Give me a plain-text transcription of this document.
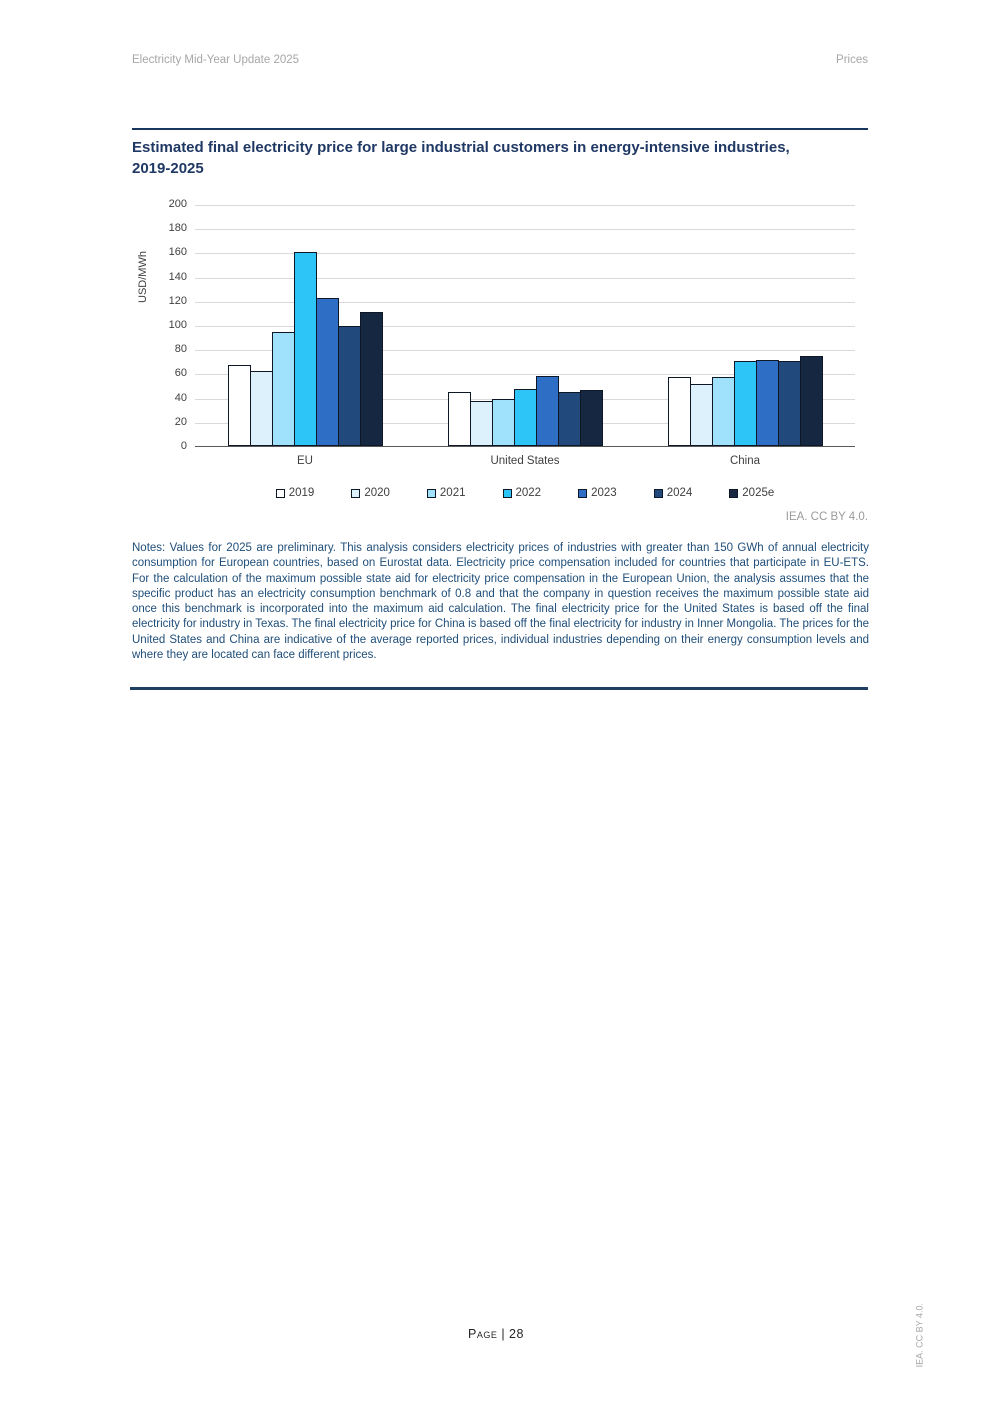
Electricity Mid-Year Update 2025	Prices
Estimated final electricity price for large industrial customers in energy-intensive industries, 2019-2025
USD/MWh
0
20
40
60
80
100
120
140
160
180
200
EU	United States	China
2019	2020	2021	2022	2023	2024	2025e
IEA. CC BY 4.0.
Notes: Values for 2025 are preliminary. This analysis considers electricity prices of industries with greater than 150 GWh of annual electricity consumption for European countries, based on Eurostat data. Electricity price compensation included for countries that participate in EU-ETS. For the calculation of the maximum possible state aid for electricity price compensation in the European Union, the analysis assumes that the specific product has an electricity consumption benchmark of 0.8 and that the company in question receives the maximum possible state aid once this benchmark is incorporated into the maximum aid calculation. The final electricity price for the United States is based off the final electricity for industry in Texas. The final electricity price for China is based off the final electricity for industry in Inner Mongolia. The prices for the United States and China are indicative of the average reported prices, individual industries depending on their energy consumption levels and where they are located can face different prices.
Page | 28	IEA. CC BY 4.0.
